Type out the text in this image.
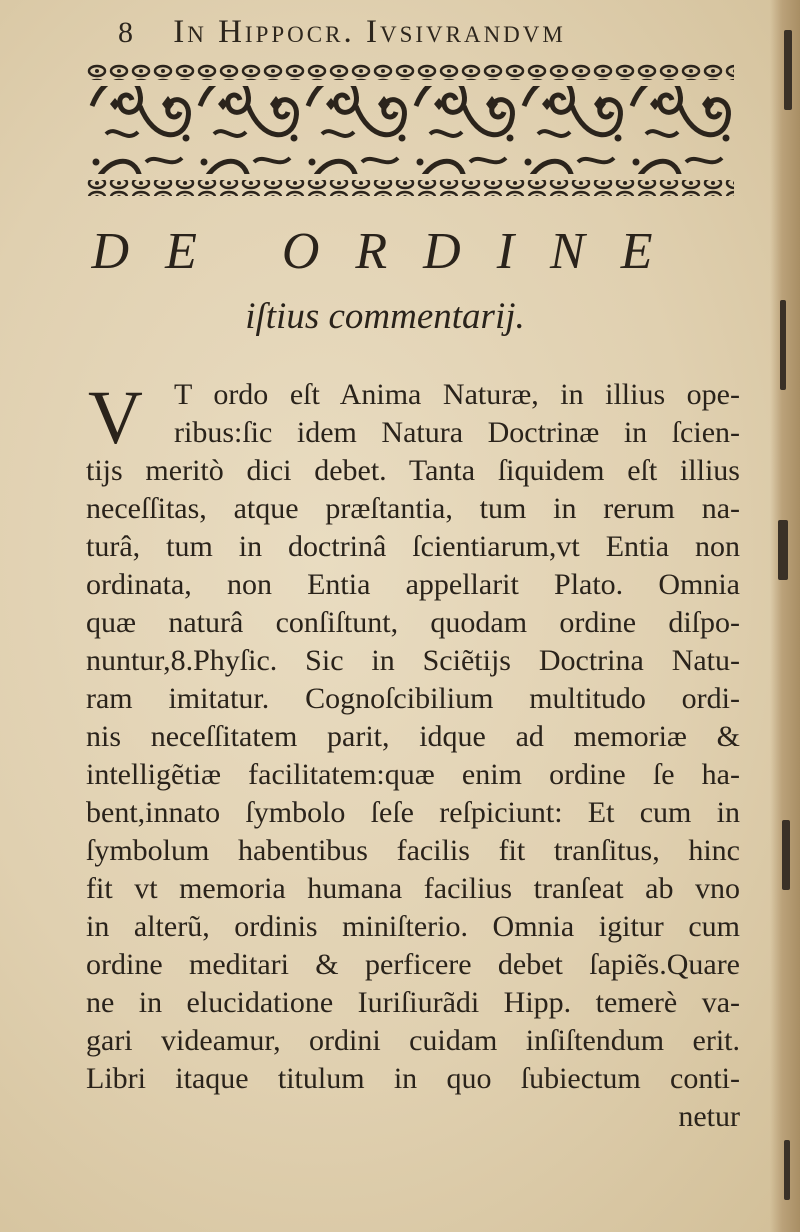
8 In Hippocr. Ivsivrandvm
DE ORDINE
iſtius commentarij.
V	T ordo eſt Anima Naturæ, in illius ope-
ribus:ſic idem Natura Doctrinæ in ſcien-
tijs meritò dici debet. Tanta ſiquidem eſt illius
neceſſitas, atque præſtantia, tum in rerum na-
turâ, tum in doctrinâ ſcientiarum,vt Entia non
ordinata, non Entia appellarit Plato. Omnia
quæ naturâ conſiſtunt, quodam ordine diſpo-
nuntur,8.Phyſic. Sic in Sciẽtijs Doctrina Natu-
ram imitatur. Cognoſcibilium multitudo ordi-
nis neceſſitatem parit, idque ad memoriæ &
intelligẽtiæ facilitatem:quæ enim ordine ſe ha-
bent,innato ſymbolo ſeſe reſpiciunt: Et cum in
ſymbolum habentibus facilis fit tranſitus, hinc
fit vt memoria humana facilius tranſeat ab vno
in alterũ, ordinis miniſterio. Omnia igitur cum
ordine meditari & perficere debet ſapiẽs.Quare
ne in elucidatione Iuriſiurãdi Hipp. temerè va-
gari videamur, ordini cuidam inſiſtendum erit.
Libri itaque titulum in quo ſubiectum conti-
netur
